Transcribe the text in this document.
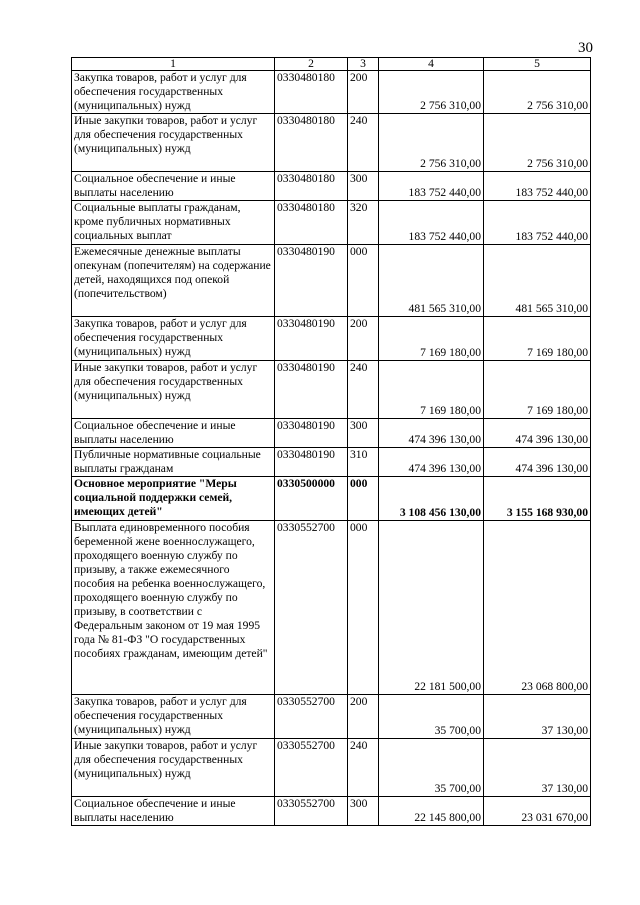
30
1	2	3	4	5
Закупка товаров, работ и услуг для обеспечения государственных (муниципальных) нужд	0330480180	200	2 756 310,00	2 756 310,00
Иные закупки товаров, работ и услуг для обеспечения государственных (муниципальных) нужд	0330480180	240	2 756 310,00	2 756 310,00
Социальное обеспечение и иные выплаты населению	0330480180	300	183 752 440,00	183 752 440,00
Социальные выплаты гражданам, кроме публичных нормативных социальных выплат	0330480180	320	183 752 440,00	183 752 440,00
Ежемесячные денежные выплаты опекунам (попечителям) на содержание детей, находящихся под опекой (попечительством)	0330480190	000	481 565 310,00	481 565 310,00
Закупка товаров, работ и услуг для обеспечения государственных (муниципальных) нужд	0330480190	200	7 169 180,00	7 169 180,00
Иные закупки товаров, работ и услуг для обеспечения государственных (муниципальных) нужд	0330480190	240	7 169 180,00	7 169 180,00
Социальное обеспечение и иные выплаты населению	0330480190	300	474 396 130,00	474 396 130,00
Публичные нормативные социальные выплаты гражданам	0330480190	310	474 396 130,00	474 396 130,00
Основное мероприятие "Меры социальной поддержки семей, имеющих детей"	0330500000	000	3 108 456 130,00	3 155 168 930,00
Выплата единовременного пособия беременной жене военнослужащего, проходящего военную службу по призыву, а также ежемесячного пособия на ребенка военнослужащего, проходящего военную службу по призыву, в соответствии с Федеральным законом от 19 мая 1995 года № 81-ФЗ "О государственных пособиях гражданам, имеющим детей"	0330552700	000	22 181 500,00	23 068 800,00
Закупка товаров, работ и услуг для обеспечения государственных (муниципальных) нужд	0330552700	200	35 700,00	37 130,00
Иные закупки товаров, работ и услуг для обеспечения государственных (муниципальных) нужд	0330552700	240	35 700,00	37 130,00
Социальное обеспечение и иные выплаты населению	0330552700	300	22 145 800,00	23 031 670,00
